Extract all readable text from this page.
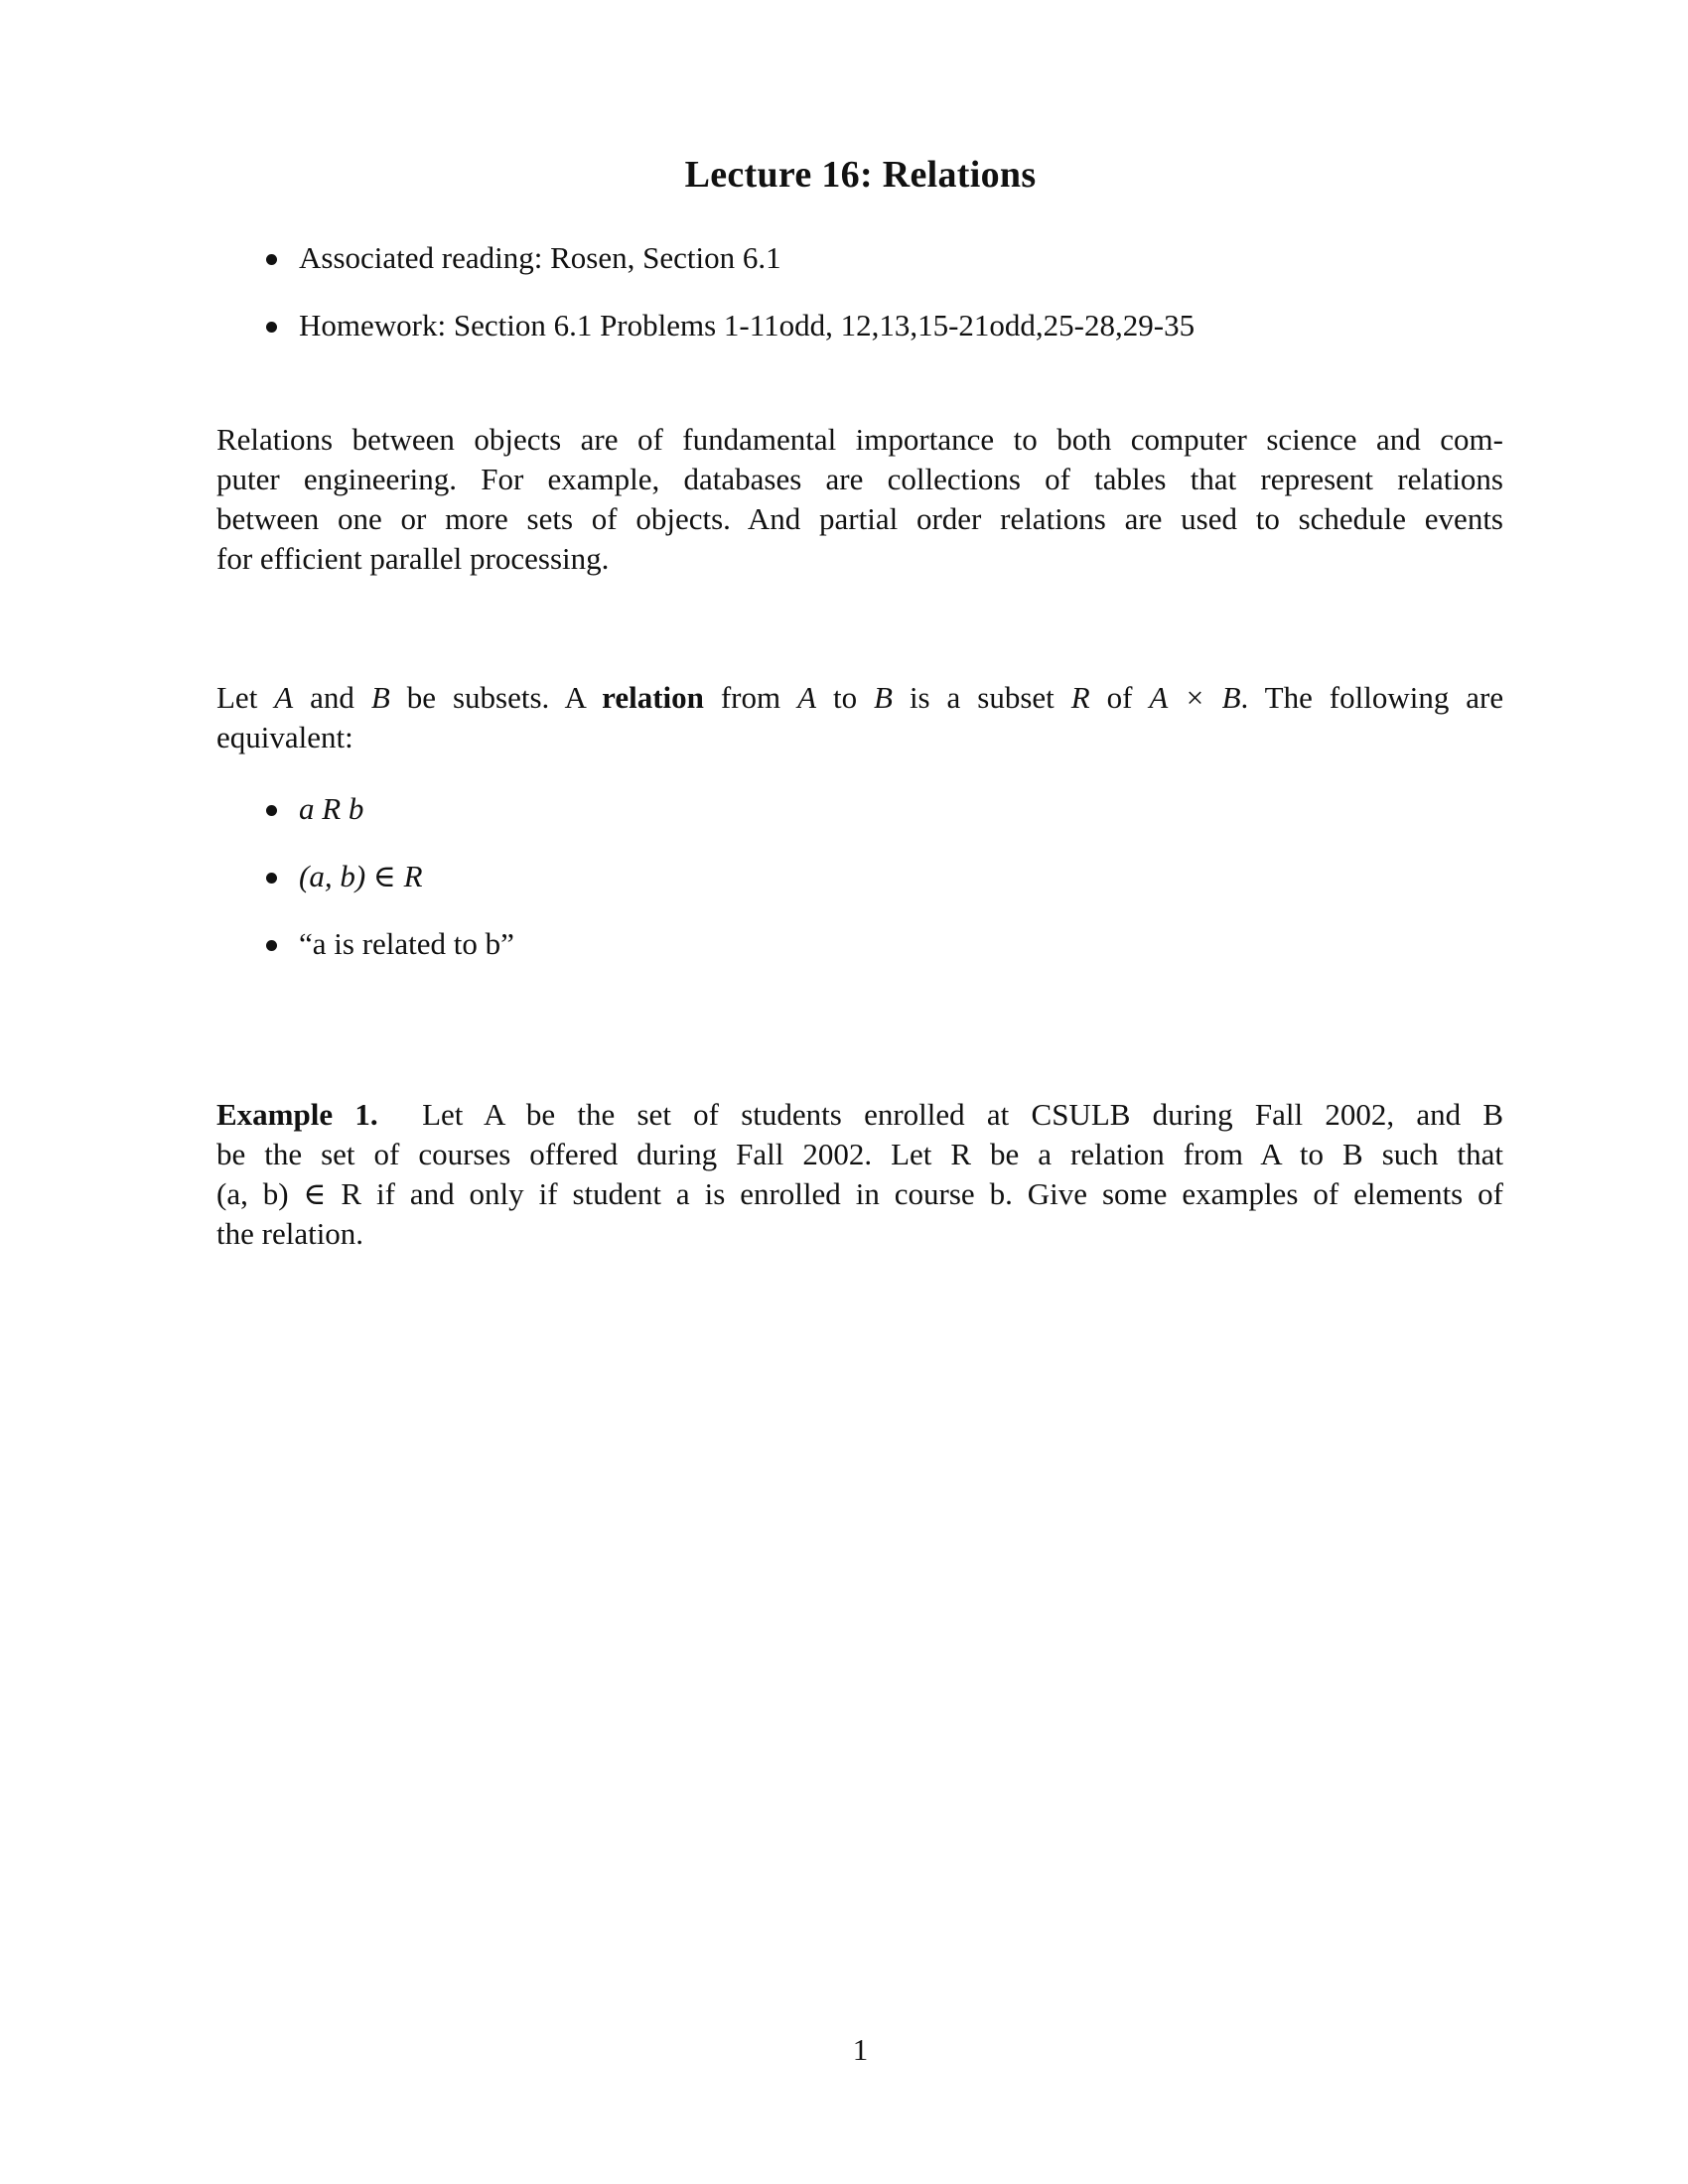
Lecture 16: Relations
Associated reading: Rosen, Section 6.1
Homework: Section 6.1 Problems 1-11odd, 12,13,15-21odd,25-28,29-35
Relations between objects are of fundamental importance to both computer science and com-
puter engineering. For example, databases are collections of tables that represent relations
between one or more sets of objects. And partial order relations are used to schedule events
for efficient parallel processing.
Let A and B be subsets. A relation from A to B is a subset R of A × B. The following are
equivalent:
a R b
(a, b) ∈ R
“a is related to b”
Example 1. Let A be the set of students enrolled at CSULB during Fall 2002, and B
be the set of courses offered during Fall 2002. Let R be a relation from A to B such that
(a, b) ∈ R if and only if student a is enrolled in course b. Give some examples of elements of
the relation.
1
